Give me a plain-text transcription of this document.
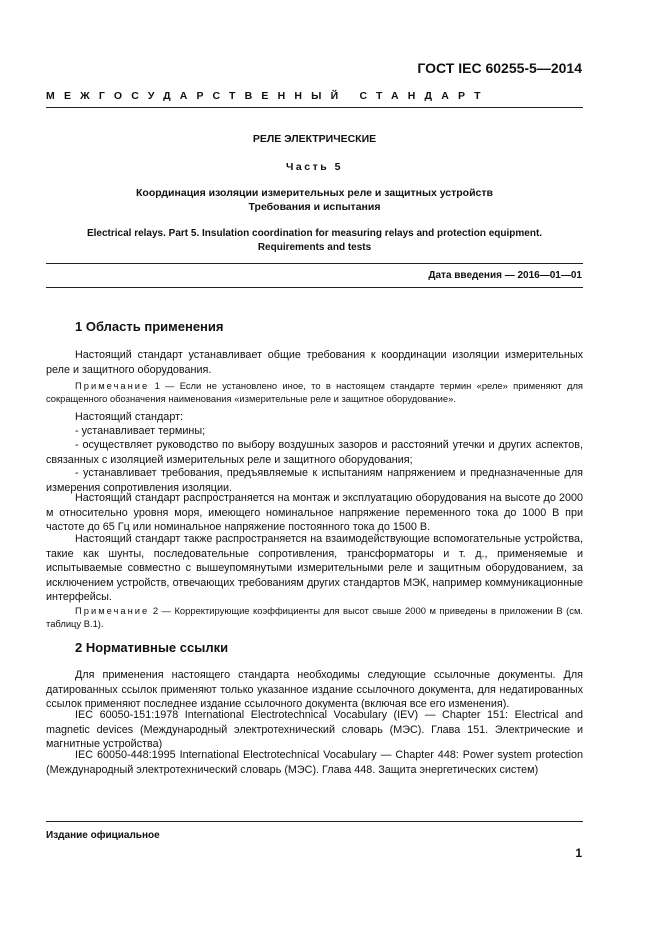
ГОСТ IEC 60255-5—2014
МЕЖГОСУДАРСТВЕННЫЙ СТАНДАРТ
РЕЛЕ ЭЛЕКТРИЧЕСКИЕ
Часть 5
Координация изоляции измерительных реле и защитных устройств
Требования и испытания
Electrical relays. Part 5. Insulation coordination for measuring relays and protection equipment.
Requirements and tests
Дата введения — 2016—01—01
1 Область применения
Настоящий стандарт устанавливает общие требования к координации изоляции измерительных реле и защитного оборудования.
Примечание 1 — Если не установлено иное, то в настоящем стандарте термин «реле» применяют для сокращенного обозначения наименования «измерительные реле и защитное оборудование».
Настоящий стандарт:
- устанавливает термины;
- осуществляет руководство по выбору воздушных зазоров и расстояний утечки и других аспектов, связанных с изоляцией измерительных реле и защитного оборудования;
- устанавливает требования, предъявляемые к испытаниям напряжением и предназначенные для измерения сопротивления изоляции.
Настоящий стандарт распространяется на монтаж и эксплуатацию оборудования на высоте до 2000 м относительно уровня моря, имеющего номинальное напряжение переменного тока до 1000 В при частоте до 65 Гц или номинальное напряжение постоянного тока до 1500 В.
Настоящий стандарт также распространяется на взаимодействующие вспомогательные устройства, такие как шунты, последовательные сопротивления, трансформаторы и т. д., применяемые и испытываемые совместно с вышеупомянутыми измерительными реле и защитным оборудованием, за исключением устройств, отвечающих требованиям других стандартов МЭК, например коммуникационные интерфейсы.
Примечание 2 — Корректирующие коэффициенты для высот свыше 2000 м приведены в приложении B (см. таблицу B.1).
2 Нормативные ссылки
Для применения настоящего стандарта необходимы следующие ссылочные документы. Для датированных ссылок применяют только указанное издание ссылочного документа, для недатированных ссылок применяют последнее издание ссылочного документа (включая все его изменения).
IEC 60050-151:1978 International Electrotechnical Vocabulary (IEV) — Chapter 151: Electrical and magnetic devices (Международный электротехнический словарь (МЭС). Глава 151. Электрические и магнитные устройства)
IEC 60050-448:1995 International Electrotechnical Vocabulary — Chapter 448: Power system protection (Международный электротехнический словарь (МЭС). Глава 448. Защита энергетических систем)
Издание официальное
1
